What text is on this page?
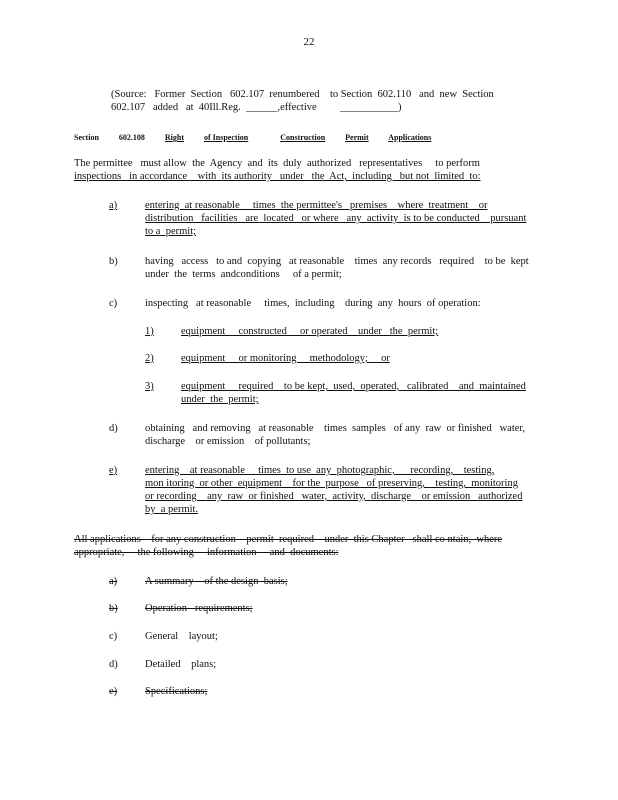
22
(Source:   Former  Section   602.107  renumbered    to Section  602.110   and  new  Section
602.107   added   at  40Ill.Reg.  ______,effective         ___________)
Section	602.108	Right	of Inspection	Construction	Permit Applications
The permittee   must allow  the  Agency  and  its  duly  authorized   representatives     to perform
inspections   in accordance    with  its authority   under   the  Act,  including   but not  limited  to:
a)	entering  at reasonable     times  the permittee's   premises    where  treatment    or
distribution   facilities   are  located   or where   any  activity  is to be conducted    pursuant
to a  permit;
b)	having   access   to and  copying   at reasonable    times  any records   required    to be  kept
under  the  terms  andconditions     of a permit;
c)	inspecting   at reasonable     times,  including    during  any  hours  of operation:
1)	equipment     constructed     or operated    under   the  permit;
2)	equipment     or monitoring     methodology;     or
3)	equipment     required    to be kept,  used,  operated,   calibrated    and  maintained
under  the  permit;
d)	obtaining   and removing   at reasonable    times  samples   of any  raw  or finished   water,
discharge    or emission    of pollutants;
e)	entering    at reasonable     times  to use  any  photographic,      recording,    testing,
mon itoring  or other  equipment    for the  purpose   of preserving,    testing,  monitoring
or recording    any  raw  or finished   water,  activity,  discharge    or emission   authorized
by  a permit.
All applications    for any construction    permit  required    under  this Chapter   shall co ntain,  where
appropriate,     the following     information     and  documents:
a)	A summary    of the design  basis;
b)	Operation   requirements;
c)	General    layout;
d)	Detailed    plans;
e)	Specifications;
